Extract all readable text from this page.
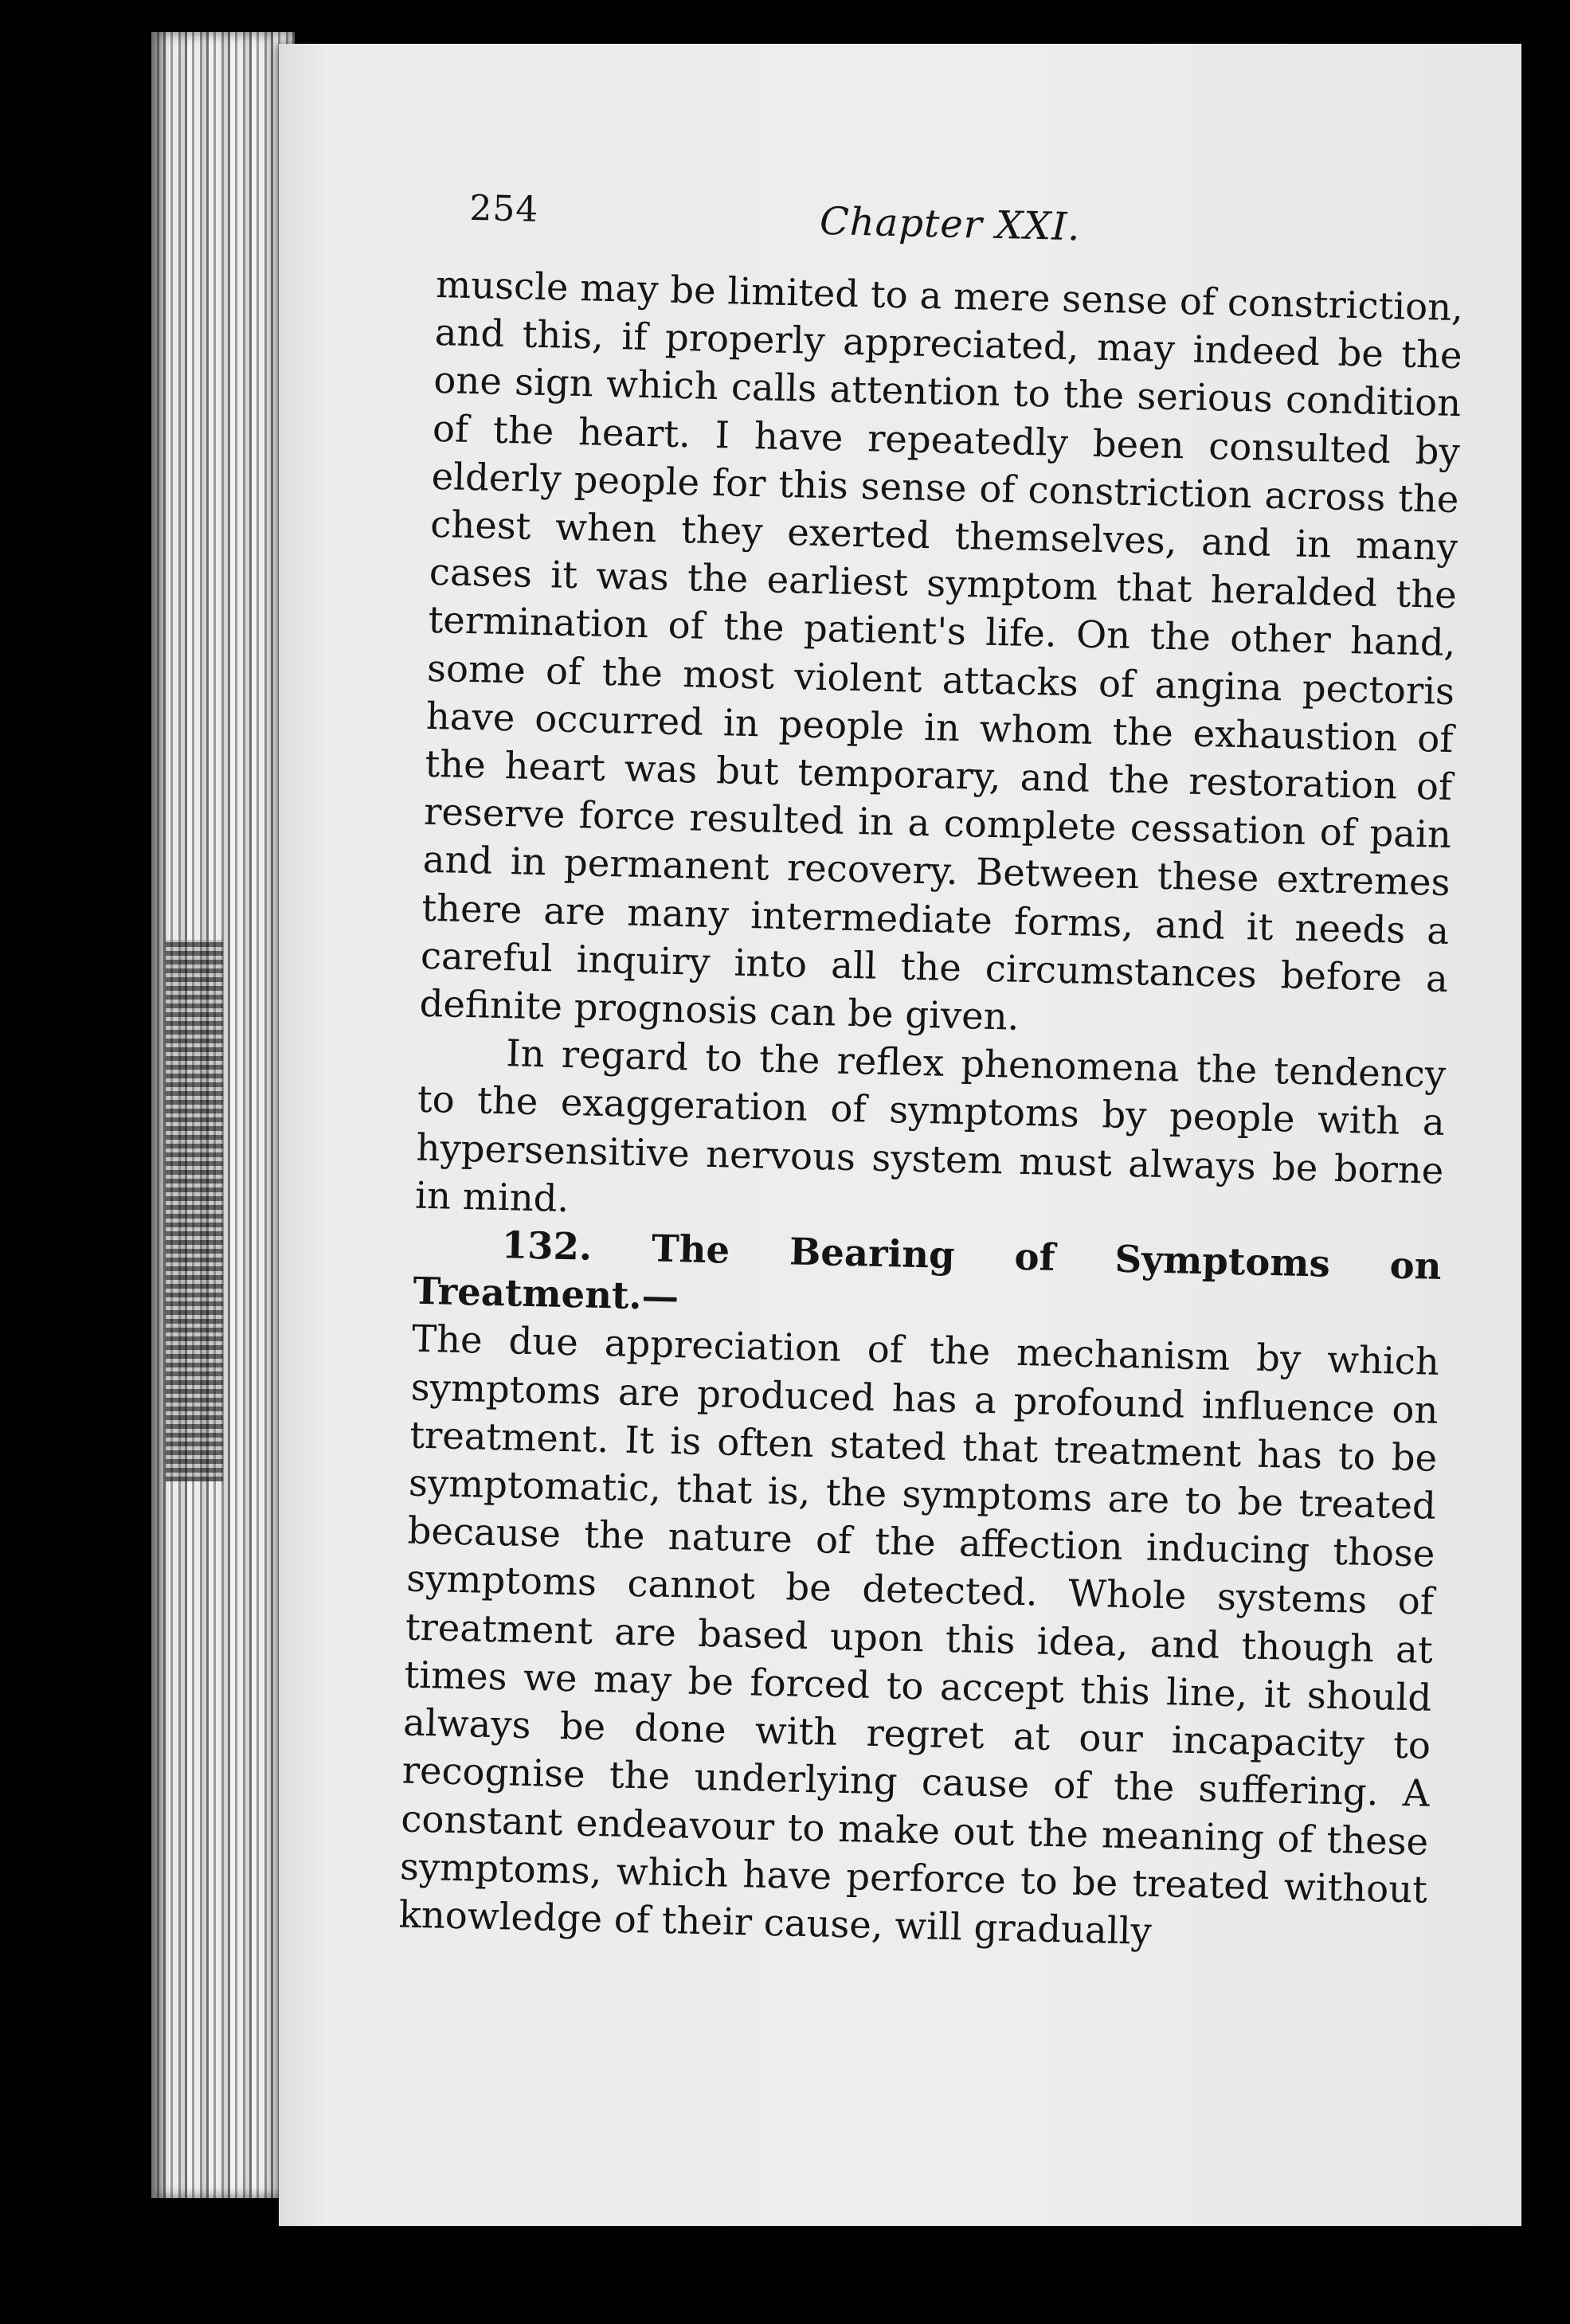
254	Chapter XXI.

muscle may be limited to a mere sense of constriction, and this, if properly appreciated, may indeed be the one sign which calls attention to the serious condition of the heart. I have repeatedly been consulted by elderly people for this sense of constriction across the chest when they exerted themselves, and in many cases it was the earliest symptom that heralded the termination of the patient's life. On the other hand, some of the most violent attacks of angina pectoris have occurred in people in whom the exhaustion of the heart was but temporary, and the restoration of reserve force resulted in a complete cessation of pain and in permanent recovery. Between these extremes there are many intermediate forms, and it needs a careful inquiry into all the circumstances before a definite prognosis can be given.

In regard to the reflex phenomena the tendency to the exaggeration of symptoms by people with a hypersensitive nervous system must always be borne in mind.

132. The Bearing of Symptoms on Treatment.—

The due appreciation of the mechanism by which symptoms are produced has a profound influence on treatment. It is often stated that treatment has to be symptomatic, that is, the symptoms are to be treated because the nature of the affection inducing those symptoms cannot be detected. Whole systems of treatment are based upon this idea, and though at times we may be forced to accept this line, it should always be done with regret at our incapacity to recognise the underlying cause of the suffering. A constant endeavour to make out the meaning of these symptoms, which have perforce to be treated without knowledge of their cause, will gradually
